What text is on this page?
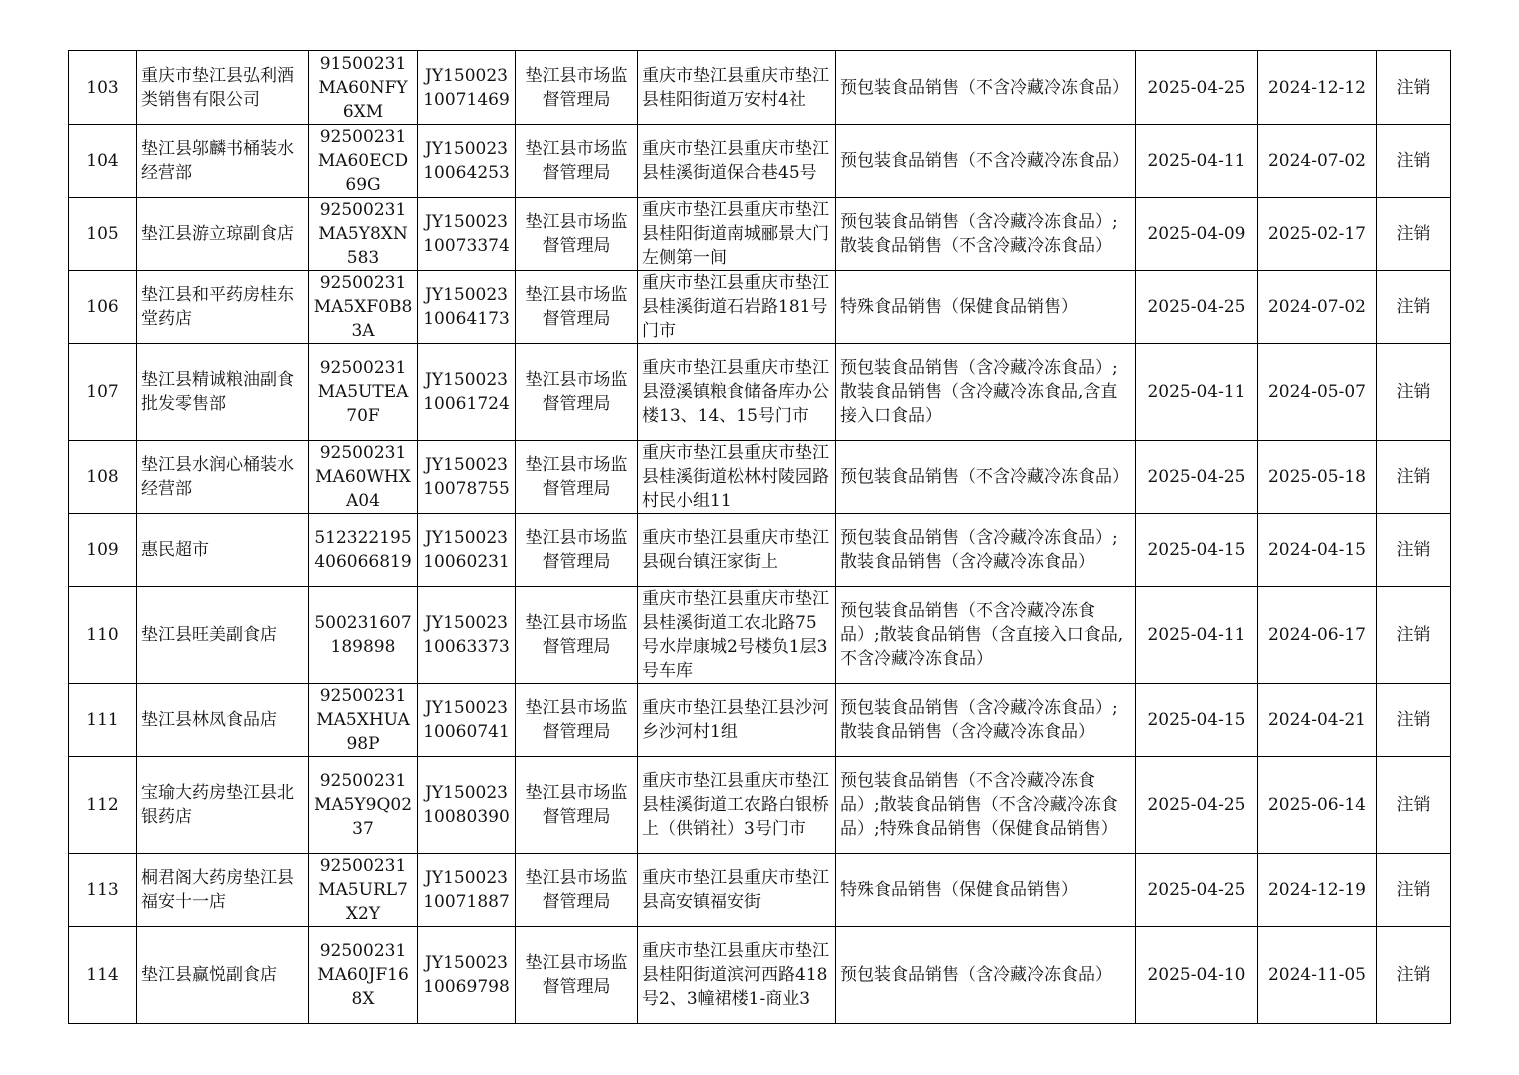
103	重庆市垫江县弘利酒类销售有限公司	91500231MA60NFY6XM	JY15002310071469	垫江县市场监督管理局	重庆市垫江县重庆市垫江县桂阳街道万安村4社	预包装食品销售（不含冷藏冷冻食品）	2025-04-25	2024-12-12	注销
104	垫江县邬麟书桶装水经营部	92500231MA60ECD69G	JY15002310064253	垫江县市场监督管理局	重庆市垫江县重庆市垫江县桂溪街道保合巷45号	预包装食品销售（不含冷藏冷冻食品）	2025-04-11	2024-07-02	注销
105	垫江县游立琼副食店	92500231MA5Y8XN583	JY15002310073374	垫江县市场监督管理局	重庆市垫江县重庆市垫江县桂阳街道南城郦景大门左侧第一间	预包装食品销售（含冷藏冷冻食品）;散装食品销售（不含冷藏冷冻食品）	2025-04-09	2025-02-17	注销
106	垫江县和平药房桂东堂药店	92500231MA5XF0B83A	JY15002310064173	垫江县市场监督管理局	重庆市垫江县重庆市垫江县桂溪街道石岩路181号门市	特殊食品销售（保健食品销售）	2025-04-25	2024-07-02	注销
107	垫江县精诚粮油副食批发零售部	92500231MA5UTEA70F	JY15002310061724	垫江县市场监督管理局	重庆市垫江县重庆市垫江县澄溪镇粮食储备库办公楼13、14、15号门市	预包装食品销售（含冷藏冷冻食品）;散装食品销售（含冷藏冷冻食品,含直接入口食品）	2025-04-11	2024-05-07	注销
108	垫江县水润心桶装水经营部	92500231MA60WHXA04	JY15002310078755	垫江县市场监督管理局	重庆市垫江县重庆市垫江县桂溪街道松林村陵园路村民小组11	预包装食品销售（不含冷藏冷冻食品）	2025-04-25	2025-05-18	注销
109	惠民超市	512322195406066819	JY15002310060231	垫江县市场监督管理局	重庆市垫江县重庆市垫江县砚台镇汪家街上	预包装食品销售（含冷藏冷冻食品）;散装食品销售（含冷藏冷冻食品）	2025-04-15	2024-04-15	注销
110	垫江县旺美副食店	500231607189898	JY15002310063373	垫江县市场监督管理局	重庆市垫江县重庆市垫江县桂溪街道工农北路75号水岸康城2号楼负1层3号车库	预包装食品销售（不含冷藏冷冻食品）;散装食品销售（含直接入口食品,不含冷藏冷冻食品）	2025-04-11	2024-06-17	注销
111	垫江县林凤食品店	92500231MA5XHUA98P	JY15002310060741	垫江县市场监督管理局	重庆市垫江县垫江县沙河乡沙河村1组	预包装食品销售（含冷藏冷冻食品）;散装食品销售（含冷藏冷冻食品）	2025-04-15	2024-04-21	注销
112	宝瑜大药房垫江县北银药店	92500231MA5Y9Q0237	JY15002310080390	垫江县市场监督管理局	重庆市垫江县重庆市垫江县桂溪街道工农路白银桥上（供销社）3号门市	预包装食品销售（不含冷藏冷冻食品）;散装食品销售（不含冷藏冷冻食品）;特殊食品销售（保健食品销售）	2025-04-25	2025-06-14	注销
113	桐君阁大药房垫江县福安十一店	92500231MA5URL7X2Y	JY15002310071887	垫江县市场监督管理局	重庆市垫江县重庆市垫江县高安镇福安街	特殊食品销售（保健食品销售）	2025-04-25	2024-12-19	注销
114	垫江县赢悦副食店	92500231MA60JF168X	JY15002310069798	垫江县市场监督管理局	重庆市垫江县重庆市垫江县桂阳街道滨河西路418号2、3幢裙楼1-商业3	预包装食品销售（含冷藏冷冻食品）	2025-04-10	2024-11-05	注销
